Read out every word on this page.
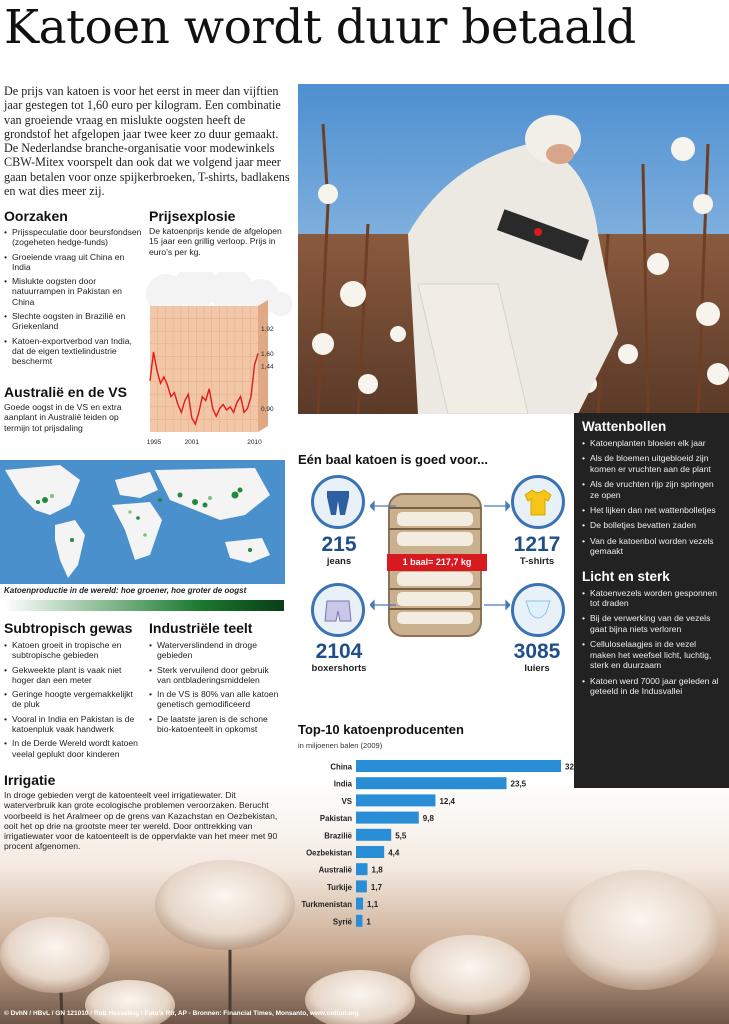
Katoen wordt duur betaald
De prijs van katoen is voor het eerst in meer dan vijftien jaar gestegen tot 1,60 euro per kilogram. Een combinatie van groeiende vraag en mislukte oogsten heeft de grondstof het afgelopen jaar twee keer zo duur gemaakt. De Nederlandse branche-organisatie voor modewinkels CBW-Mitex voorspelt dan ook dat we volgend jaar meer gaan betalen voor onze spijkerbroeken, T-shirts, badlakens en wat dies meer zij.
Oorzaken
• Prijsspeculatie door beursfondsen (zogeheten hedge-funds)
• Groeiende vraag uit China en India
• Mislukte oogsten door natuurrampen in Pakistan en China
• Slechte oogsten in Brazilië en Griekenland
• Katoen-exportverbod van India, dat de eigen textielindustrie beschermt
Prijsexplosie
De katoenprijs kende de afgelopen 15 jaar een grillig verloop. Prijs in euro's per kg.
1,92
1,60
1,44
0,90
1995	2001	2010
Australië en de VS
Goede oogst in de VS en extra aanplant in Australië leiden op termijn tot prijsdaling
Katoenproductie in de wereld: hoe groener, hoe groter de oogst
Subtropisch gewas
• Katoen groeit in tropische en subtropische gebieden
• Gekweekte plant is vaak niet hoger dan een meter
• Geringe hoogte vergemakkelijkt de pluk
• Vooral in India en Pakistan is de katoenpluk vaak handwerk
• In de Derde Wereld wordt katoen veelal geplukt door kinderen
Industriële teelt
• Waterverslindend in droge gebieden
• Sterk vervuilend door gebruik van ontbladeringsmiddelen
• In de VS is 80% van alle katoen genetisch gemodificeerd
• De laatste jaren is de schone bio-katoenteelt in opkomst
Irrigatie
In droge gebieden vergt de katoenteelt veel irrigatiewater. Dit waterverbruik kan grote ecologische problemen veroorzaken. Berucht voorbeeld is het Aralmeer op de grens van Kazachstan en Oezbekistan, ooit het op drie na grootste meer ter wereld. Door onttrekking van irrigatiewater voor de katoenteelt is de oppervlakte van het meer met 90 procent afgenomen.
Wattenbollen
• Katoenplanten bloeien elk jaar
• Als de bloemen uitgebloeid zijn komen er vruchten aan de plant
• Als de vruchten rijp zijn springen ze open
• Het lijken dan net wattenbolletjes
• De bolletjes bevatten zaden
• Van de katoenbol worden vezels gemaakt
Licht en sterk
• Katoenvezels worden gesponnen tot draden
• Bij de verwerking van de vezels gaat bijna niets verloren
• Celluloselaagjes in de vezel maken het weefsel licht, luchtig, sterk en duurzaam
• Katoen werd 7000 jaar geleden al geteeld in de Indusvallei
Eén baal katoen is goed voor...
1 baal= 217,7 kg
215
jeans
1217
T-shirts
2104
boxershorts
3085
luiers
Top-10 katoenproducenten
in miljoenen balen (2009)
China	32
India	23,5
VS	12,4
Pakistan	9,8
Brazilië	5,5
Oezbekistan	4,4
Australië 1,8
Turkije 1,7
Turkmenistan 1,1
Syrië 1
© DvhN / HBvL / GN 121010 / Rob Hesseling / Foto's Rtr, AP - Bronnen: Financial Times, Monsanto, www.cotton.org
